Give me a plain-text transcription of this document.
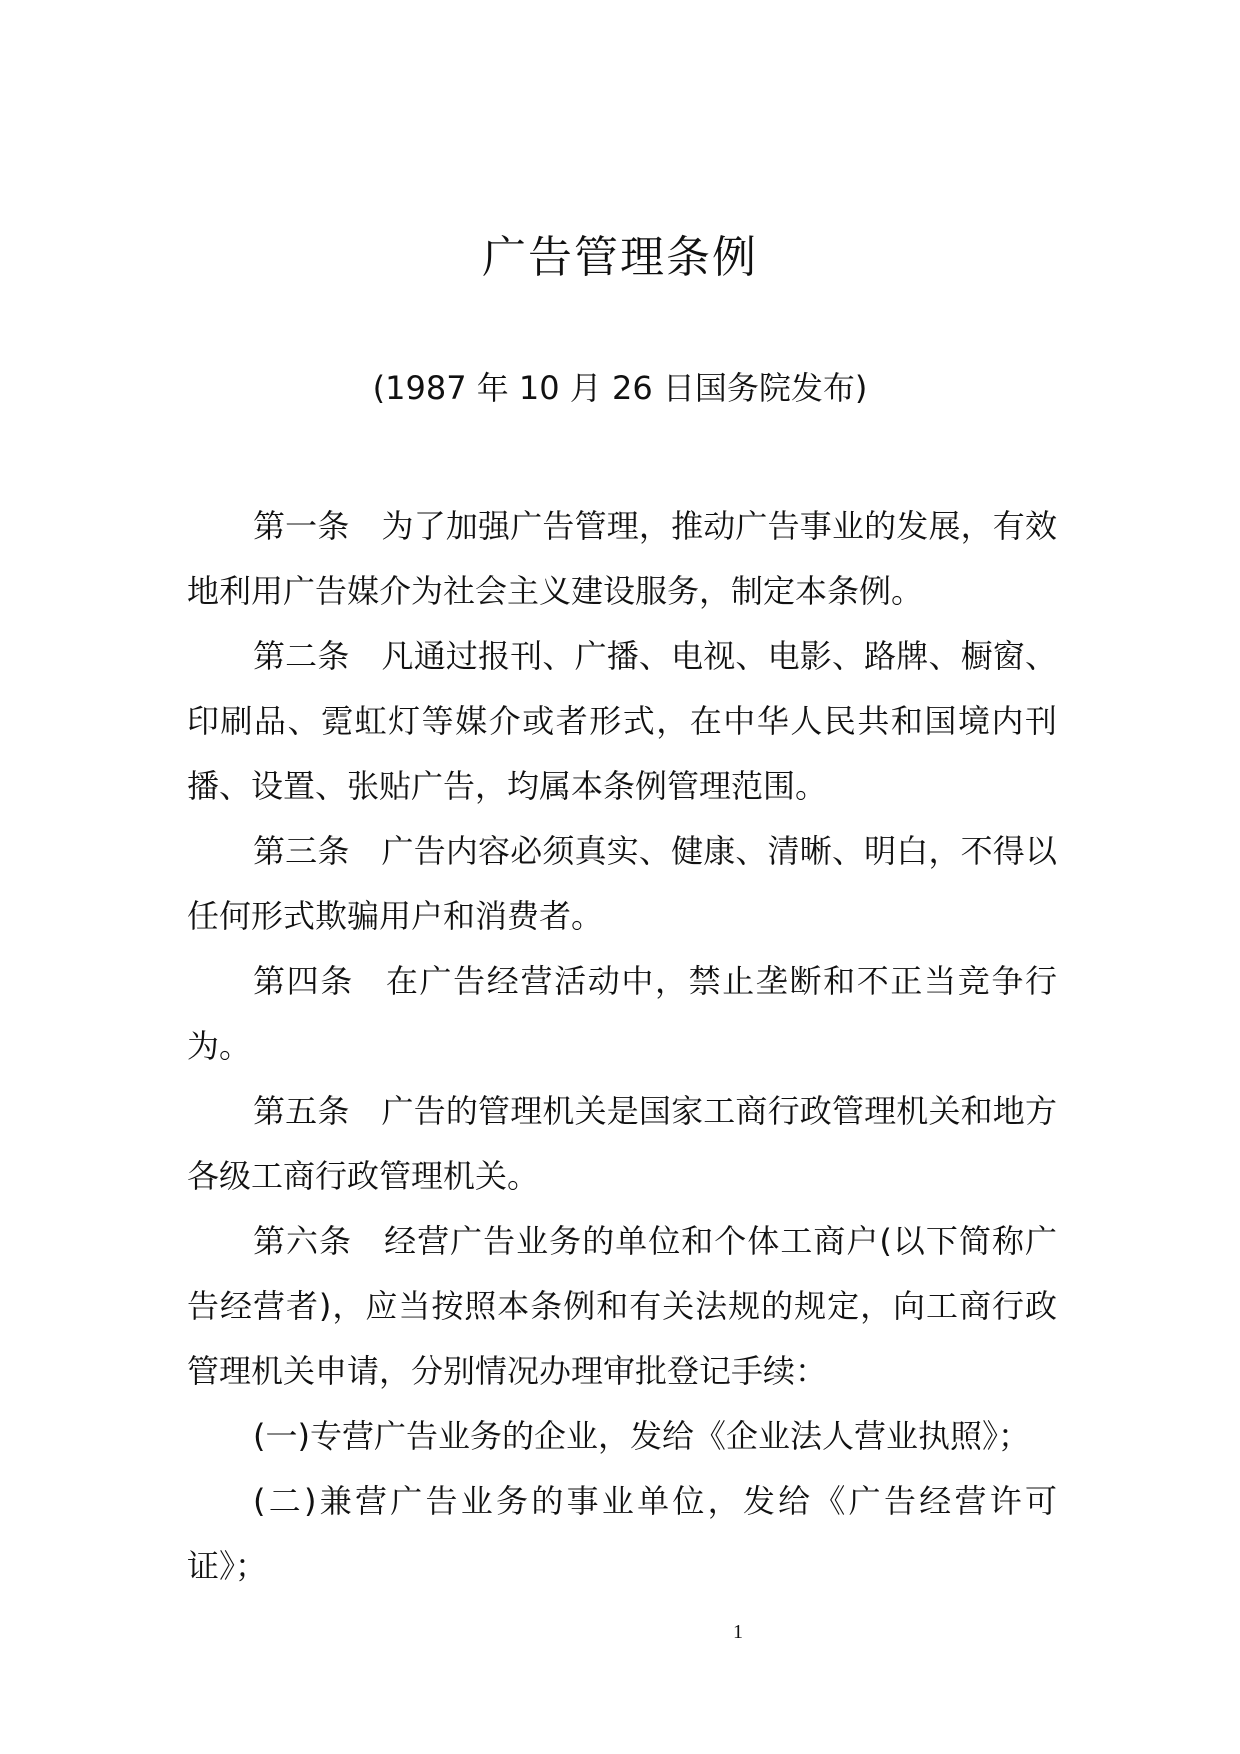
广告管理条例

(1987 年 10 月 26 日国务院发布)

第一条 为了加强广告管理，推动广告事业的发展，有效地利用广告媒介为社会主义建设服务，制定本条例。

第二条 凡通过报刊、广播、电视、电影、路牌、橱窗、印刷品、霓虹灯等媒介或者形式，在中华人民共和国境内刊播、设置、张贴广告，均属本条例管理范围。

第三条 广告内容必须真实、健康、清晰、明白，不得以任何形式欺骗用户和消费者。

第四条 在广告经营活动中，禁止垄断和不正当竞争行为。

第五条 广告的管理机关是国家工商行政管理机关和地方各级工商行政管理机关。

第六条 经营广告业务的单位和个体工商户(以下简称广告经营者)，应当按照本条例和有关法规的规定，向工商行政管理机关申请，分别情况办理审批登记手续：

(一)专营广告业务的企业，发给《企业法人营业执照》；

(二)兼营广告业务的事业单位，发给《广告经营许可证》；

1
